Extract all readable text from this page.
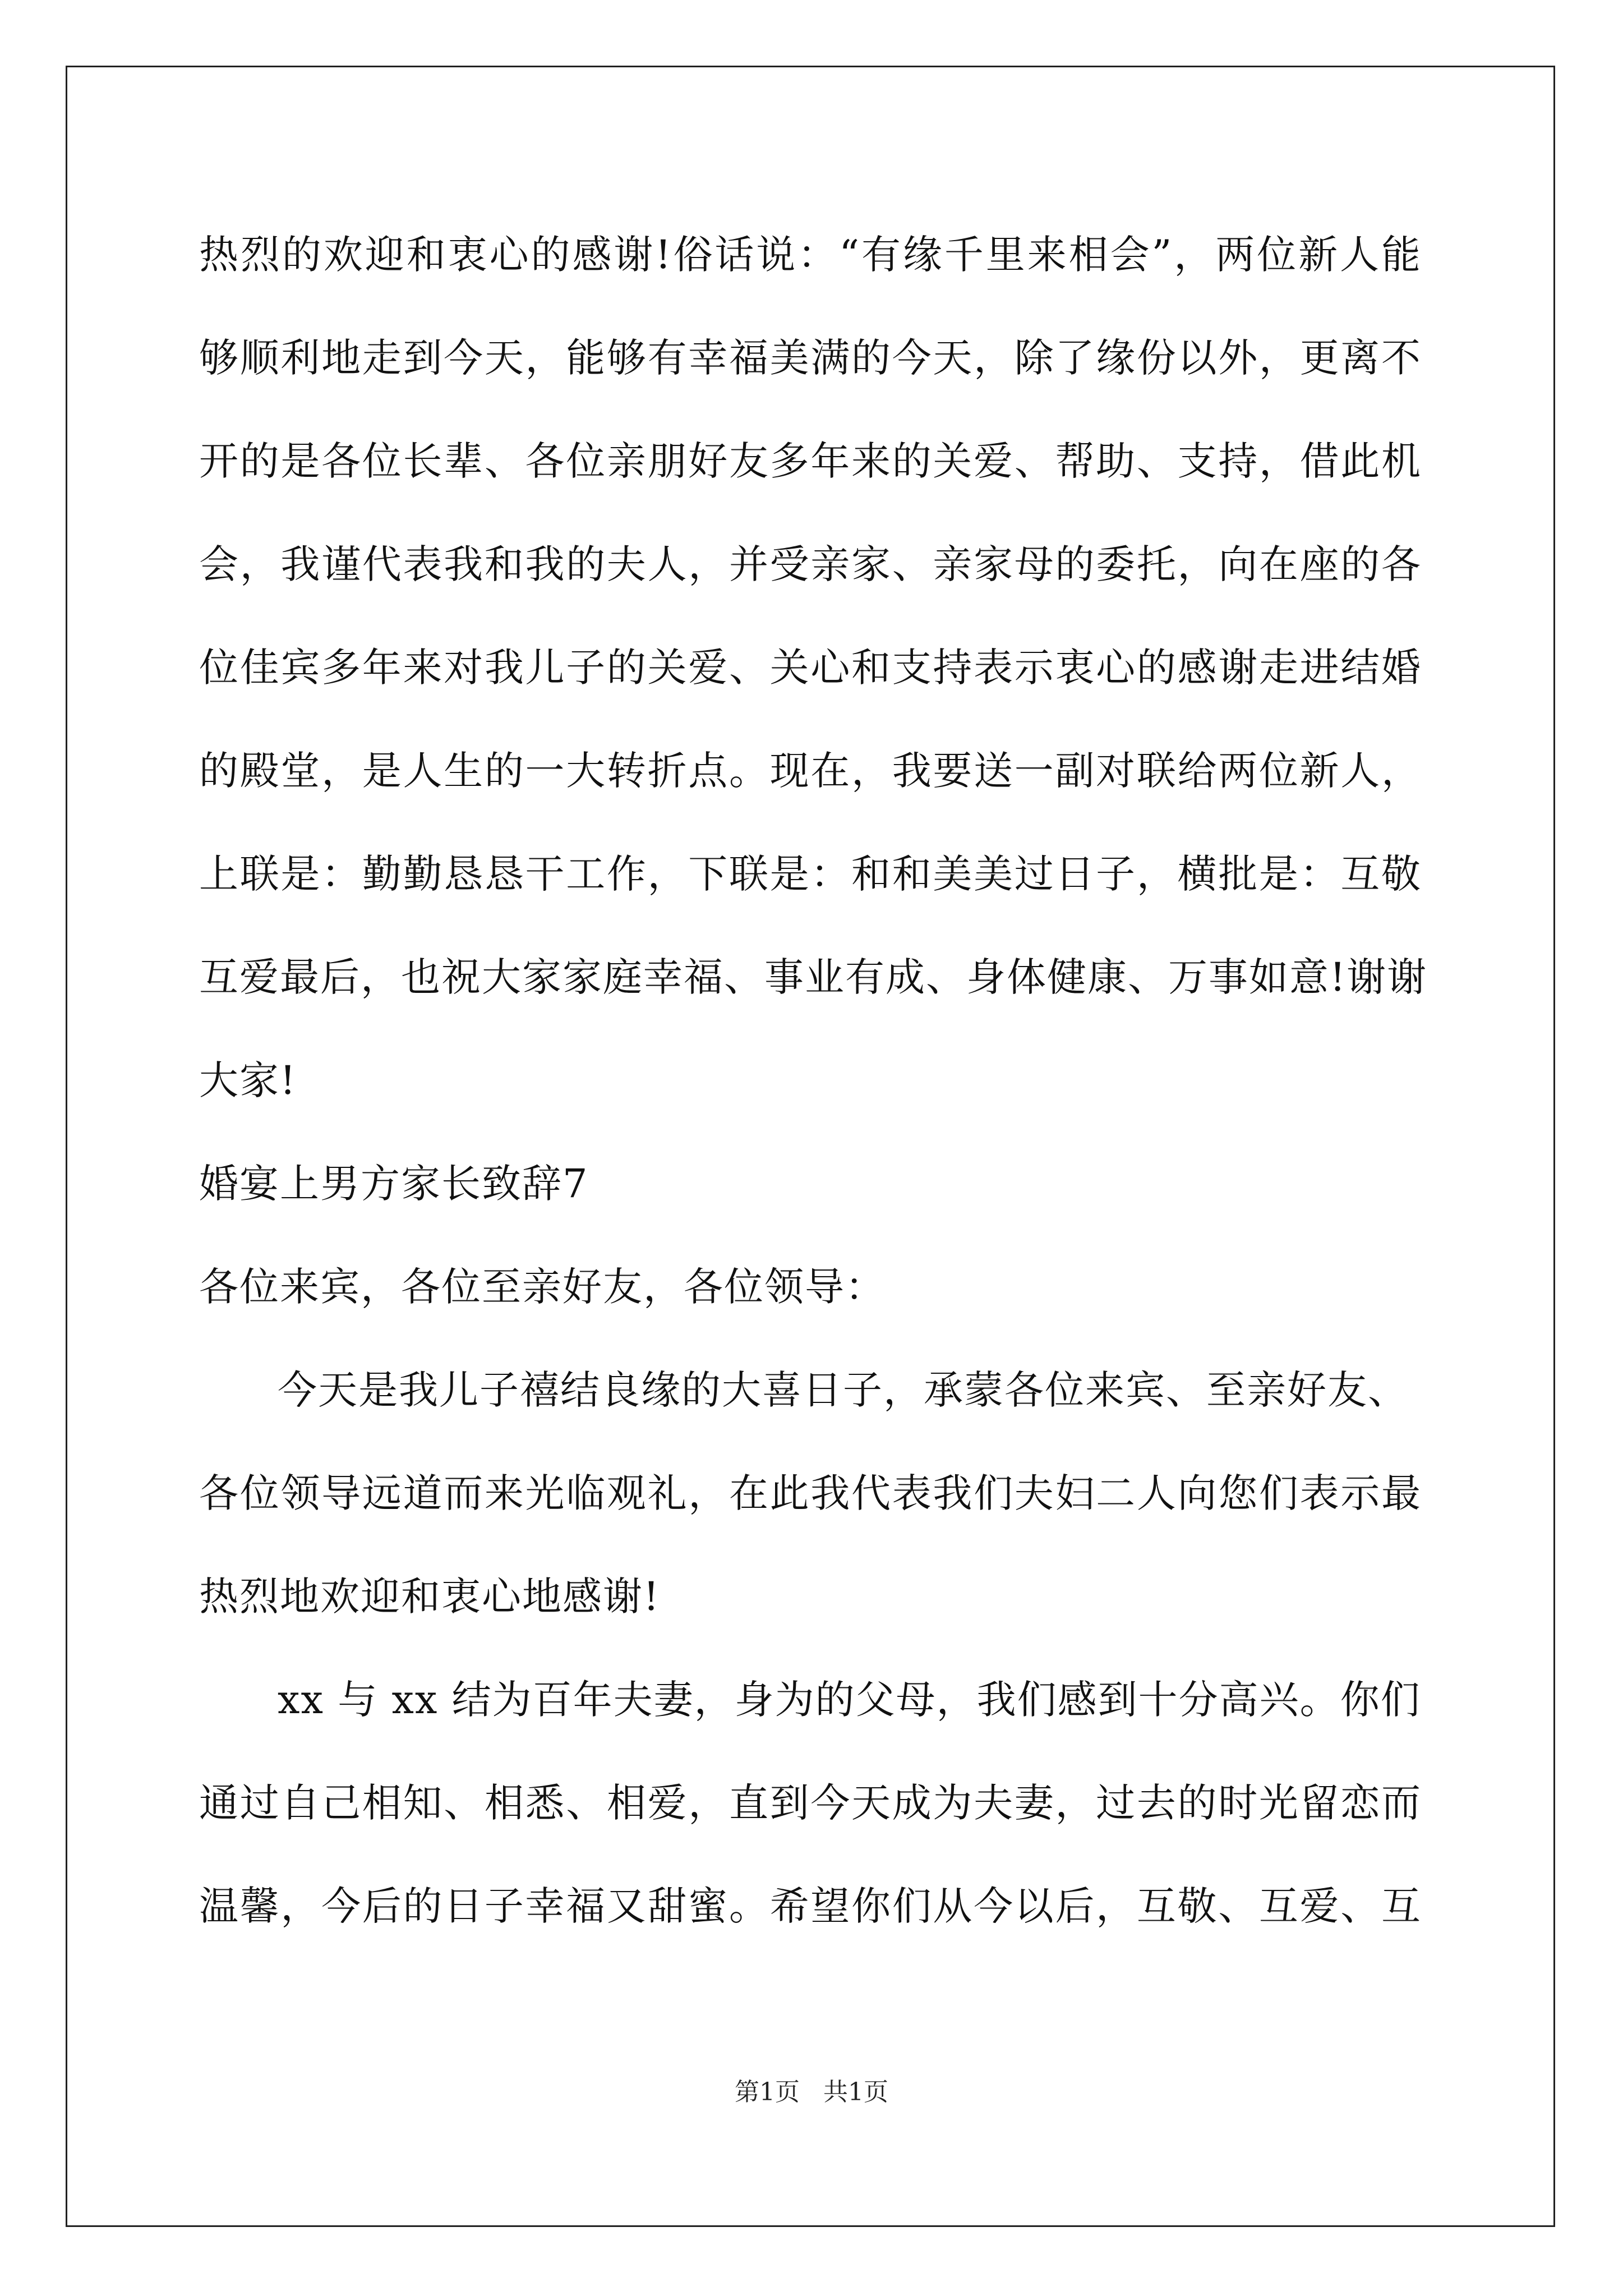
热烈的欢迎和衷心的感谢!俗话说：“有缘千里来相会”，两位新人能
够顺利地走到今天，能够有幸福美满的今天，除了缘份以外，更离不
开的是各位长辈、各位亲朋好友多年来的关爱、帮助、支持，借此机
会，我谨代表我和我的夫人，并受亲家、亲家母的委托，向在座的各
位佳宾多年来对我儿子的关爱、关心和支持表示衷心的感谢走进结婚
的殿堂，是人生的一大转折点。现在，我要送一副对联给两位新人，
上联是：勤勤恳恳干工作，下联是：和和美美过日子，横批是：互敬
互爱最后，也祝大家家庭幸福、事业有成、身体健康、万事如意!谢谢
大家!
婚宴上男方家长致辞7
各位来宾，各位至亲好友，各位领导：
今天是我儿子禧结良缘的大喜日子，承蒙各位来宾、至亲好友、
各位领导远道而来光临观礼，在此我代表我们夫妇二人向您们表示最
热烈地欢迎和衷心地感谢!
xx 与 xx 结为百年夫妻，身为的父母，我们感到十分高兴。你们
通过自己相知、相悉、相爱，直到今天成为夫妻，过去的时光留恋而
温馨，今后的日子幸福又甜蜜。希望你们从今以后，互敬、互爱、互
第1页   共1页
